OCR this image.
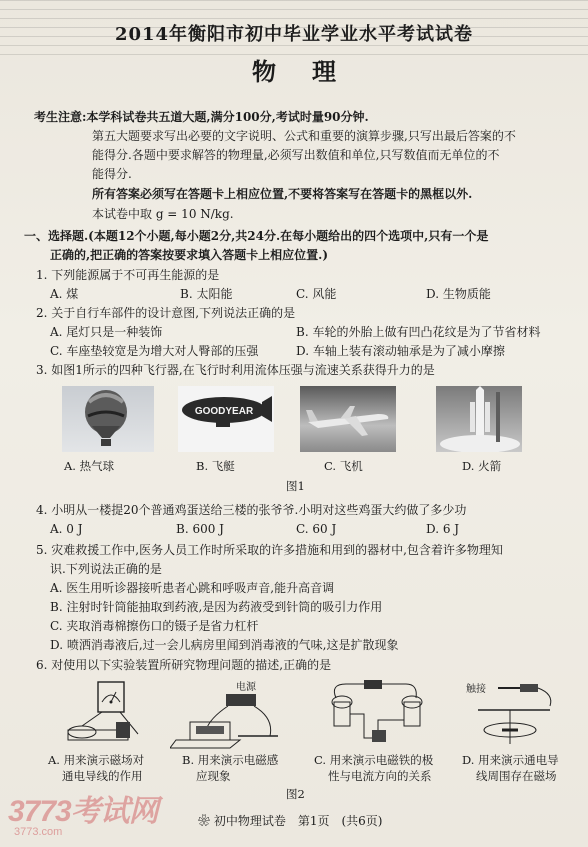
2014年衡阳市初中毕业学业水平考试试卷
物理
考生注意:本学科试卷共五道大题,满分100分,考试时量90分钟.
第五大题要求写出必要的文字说明、公式和重要的演算步骤,只写出最后答案的不
能得分.各题中要求解答的物理量,必须写出数值和单位,只写数值而无单位的不
能得分.
所有答案必须写在答题卡上相应位置,不要将答案写在答题卡的黑框以外.
本试卷中取 g = 10 N/kg.
一、选择题.(本题12个小题,每小题2分,共24分.在每小题给出的四个选项中,只有一个是
正确的,把正确的答案按要求填入答题卡上相应位置.)
1. 下列能源属于不可再生能源的是
A. 煤	B. 太阳能	C. 风能	D. 生物质能
2. 关于自行车部件的设计意图,下列说法正确的是
A. 尾灯只是一种装饰	B. 车轮的外胎上做有凹凸花纹是为了节省材料
C. 车座垫较宽是为增大对人臀部的压强	D. 车轴上装有滚动轴承是为了减小摩擦
3. 如图1所示的四种飞行器,在飞行时利用流体压强与流速关系获得升力的是
GOODYEAR
A. 热气球	B. 飞艇	C. 飞机	D. 火箭
图1
4. 小明从一楼提20个普通鸡蛋送给三楼的张爷爷.小明对这些鸡蛋大约做了多少功
A. 0 J	B. 600 J	C. 60 J	D. 6 J
5. 灾难救援工作中,医务人员工作时所采取的许多措施和用到的器材中,包含着许多物理知
识.下列说法正确的是
A. 医生用听诊器接听患者心跳和呼吸声音,能升高音调
B. 注射时针筒能抽取到药液,是因为药液受到针筒的吸引力作用
C. 夹取消毒棉擦伤口的镊子是省力杠杆
D. 喷洒消毒液后,过一会儿病房里闻到消毒液的气味,这是扩散现象
6. 对使用以下实验装置所研究物理问题的描述,正确的是
电源	触接
A. 用来演示磁场对
通电导线的作用
B. 用来演示电磁感
应现象
C. 用来演示电磁铁的极
性与电流方向的关系
D. 用来演示通电导
线周围存在磁场
图2
❀ 初中物理试卷　第1页　(共6页)
3773考试网
3773.com
